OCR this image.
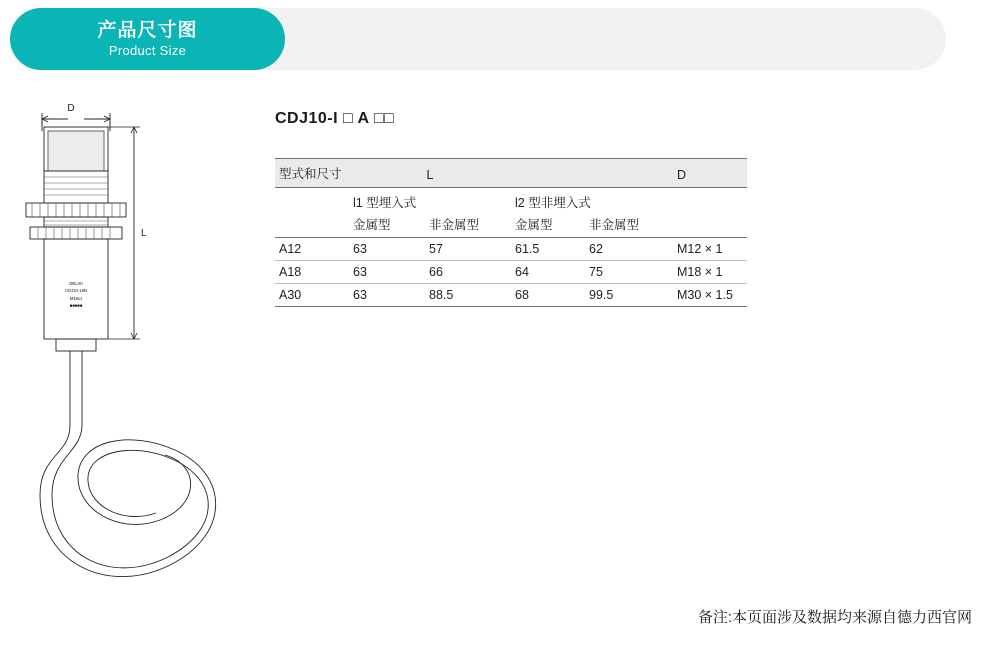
产品尺寸图
Product Size
D
L
DELIXI
CDJ10-18N
M18x1
■■■■■
CDJ10-I □ A □□
型式和尺寸	L				D
	l1 型埋入式		l2 型非埋入式		
	金属型	非金属型	金属型	非金属型	
A12	63	57	61.5	62	M12 × 1
A18	63	66	64	75	M18 × 1
A30	63	88.5	68	99.5	M30 × 1.5
备注:本页面涉及数据均来源自德力西官网
